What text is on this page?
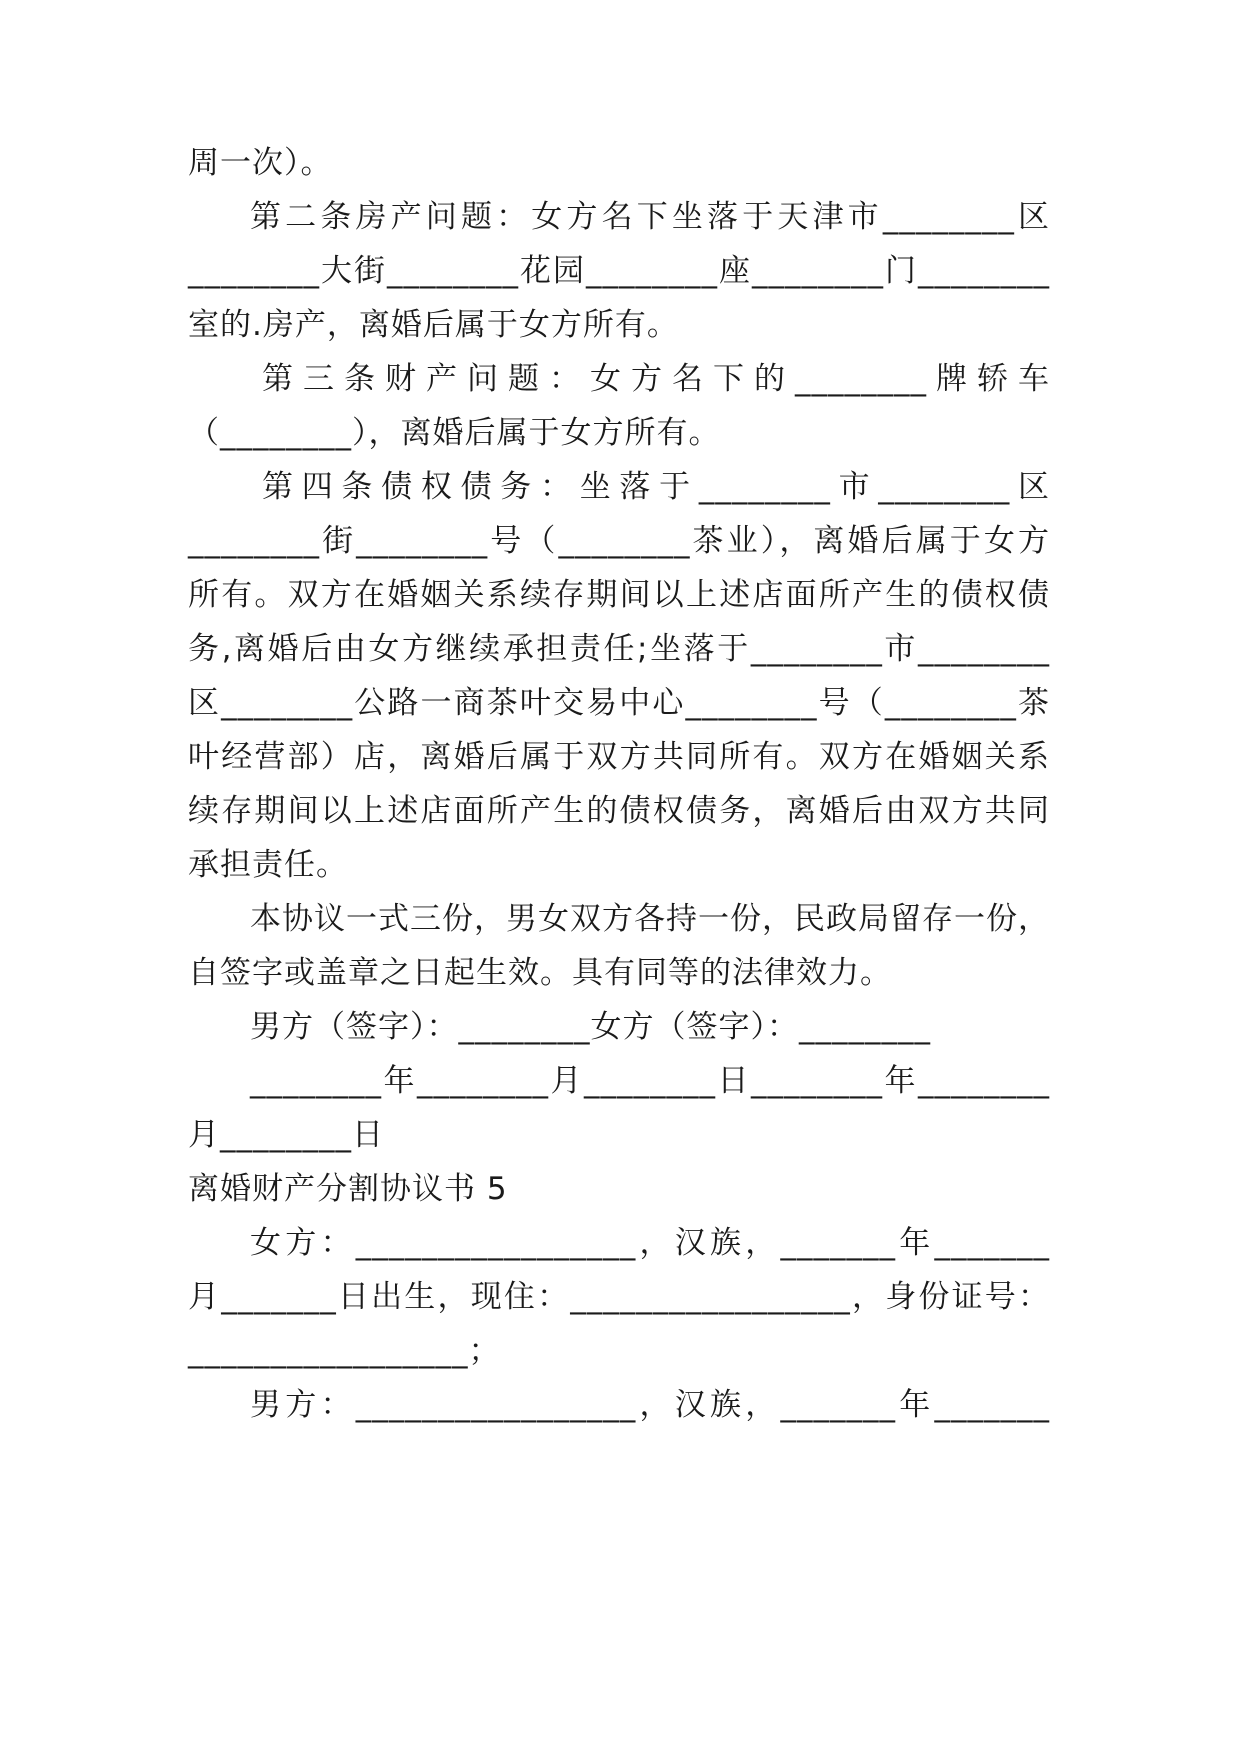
周一次）。
第二条房产问题：女方名下坐落于天津市________区
________大街________花园________座________门________
室的.房产，离婚后属于女方所有。
第三条财产问题：女方名下的________牌轿车
（________），离婚后属于女方所有。
第四条债权债务：坐落于________市________区
________街________号（________茶业），离婚后属于女方
所有。双方在婚姻关系续存期间以上述店面所产生的债权债
务,离婚后由女方继续承担责任;坐落于________市________
区________公路一商茶叶交易中心________号（________茶
叶经营部）店，离婚后属于双方共同所有。双方在婚姻关系
续存期间以上述店面所产生的债权债务，离婚后由双方共同
承担责任。
本协议一式三份，男女双方各持一份，民政局留存一份，
自签字或盖章之日起生效。具有同等的法律效力。
男方（签字）：________女方（签字）：________
________年________月________日________年________
月________日
离婚财产分割协议书 5
女方：_________________，汉族，_______年_______
月_______日出生，现住：_________________，身份证号：
_________________；
男方：_________________，汉族，_______年_______
